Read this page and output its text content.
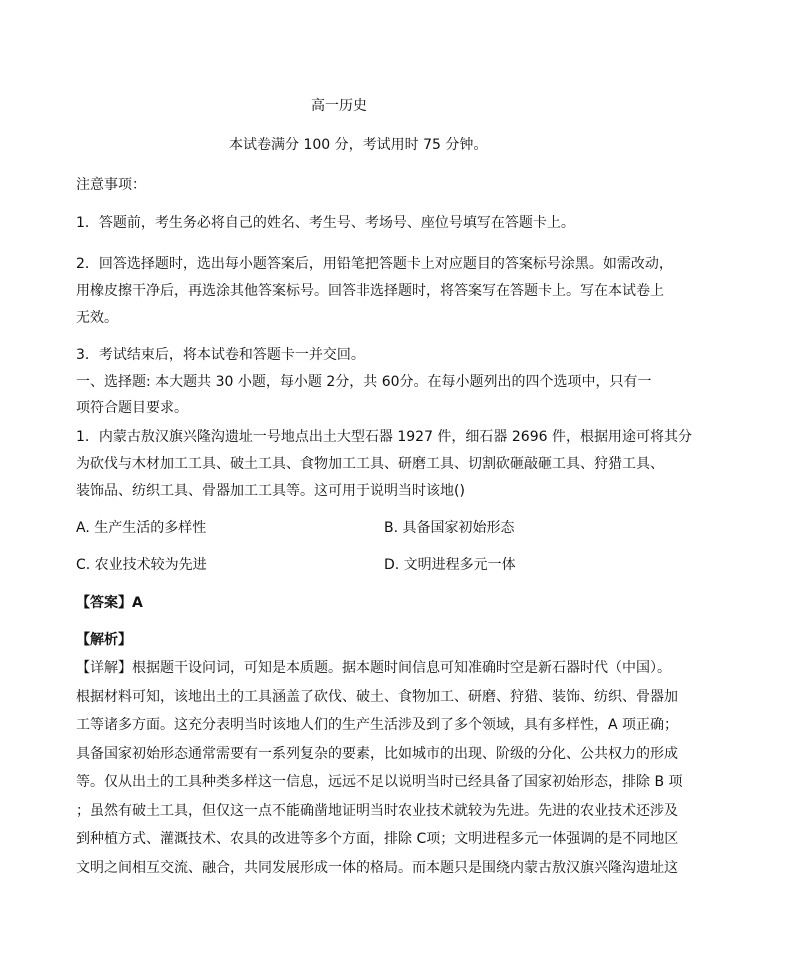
高一历史
本试卷满分 100 分，考试用时 75 分钟。
注意事项：
1．答题前，考生务必将自己的姓名、考生号、考场号、座位号填写在答题卡上。
2．回答选择题时，选出每小题答案后，用铅笔把答题卡上对应题目的答案标号涂黑。如需改动，
用橡皮擦干净后，再选涂其他答案标号。回答非选择题时，将答案写在答题卡上。写在本试卷上
无效。
3．考试结束后，将本试卷和答题卡一并交回。
一、选择题: 本大题共 30 小题，每小题 2分，共 60分。在每小题列出的四个选项中，只有一
项符合题目要求。
1．内蒙古敖汉旗兴隆沟遗址一号地点出土大型石器 1927 件，细石器 2696 件，根据用途可将其分
为砍伐与木材加工工具、破土工具、食物加工工具、研磨工具、切割砍砸敲砸工具、狩猎工具、
装饰品、纺织工具、骨器加工工具等。这可用于说明当时该地()
A. 生产生活的多样性	B. 具备国家初始形态
C. 农业技术较为先进	D. 文明进程多元一体
【答案】A
【解析】
【详解】根据题干设问词，可知是本质题。据本题时间信息可知准确时空是新石器时代（中国）。
根据材料可知，该地出土的工具涵盖了砍伐、破土、食物加工、研磨、狩猎、装饰、纺织、骨器加
工等诸多方面。这充分表明当时该地人们的生产生活涉及到了多个领域，具有多样性，A 项正确；
具备国家初始形态通常需要有一系列复杂的要素，比如城市的出现、阶级的分化、公共权力的形成
等。仅从出土的工具种类多样这一信息，远远不足以说明当时已经具备了国家初始形态，排除 B 项
；虽然有破土工具，但仅这一点不能确凿地证明当时农业技术就较为先进。先进的农业技术还涉及
到种植方式、灌溉技术、农具的改进等多个方面，排除 C项；文明进程多元一体强调的是不同地区
文明之间相互交流、融合，共同发展形成一体的格局。而本题只是围绕内蒙古敖汉旗兴隆沟遗址这
